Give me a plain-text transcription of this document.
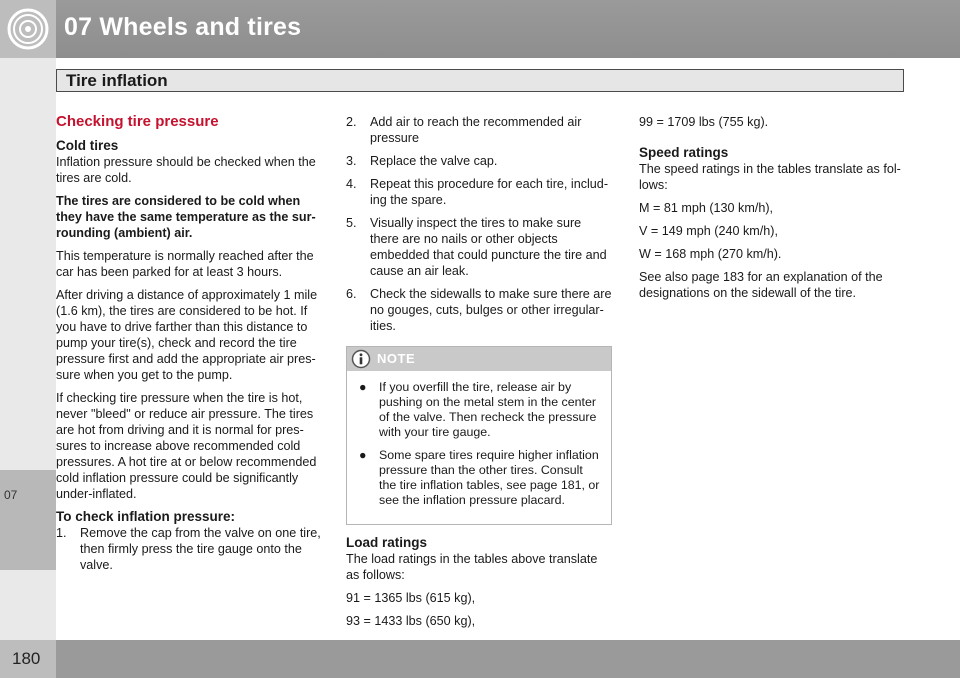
07 Wheels and tires
Tire inflation
07
Checking tire pressure
Cold tires

Inflation pressure should be checked when the tires are cold.

The tires are considered to be cold when they have the same temperature as the sur-rounding (ambient) air.

This temperature is normally reached after the car has been parked for at least 3 hours.

After driving a distance of approximately 1 mile (1.6 km), the tires are considered to be hot. If you have to drive farther than this distance to pump your tire(s), check and record the tire pressure first and add the appropriate air pres-sure when you get to the pump.

If checking tire pressure when the tire is hot, never "bleed" or reduce air pressure. The tires are hot from driving and it is normal for pres-sures to increase above recommended cold pressures. A hot tire at or below recommended cold inflation pressure could be significantly under-inflated.

To check inflation pressure:
1. Remove the cap from the valve on one tire, then firmly press the tire gauge onto the valve.
2. Add air to reach the recommended air pressure
3. Replace the valve cap.
4. Repeat this procedure for each tire, includ-ing the spare.
5. Visually inspect the tires to make sure there are no nails or other objects embedded that could puncture the tire and cause an air leak.
6. Check the sidewalls to make sure there are no gouges, cuts, bulges or other irregular-ities.
NOTE
● If you overfill the tire, release air by pushing on the metal stem in the center of the valve. Then recheck the pressure with your tire gauge.
● Some spare tires require higher inflation pressure than the other tires. Consult the tire inflation tables, see page 181, or see the inflation pressure placard.
Load ratings

The load ratings in the tables above translate as follows:

91 = 1365 lbs (615 kg),

93 = 1433 lbs (650 kg),

99 = 1709 lbs (755 kg).

Speed ratings

The speed ratings in the tables translate as fol-lows:

M = 81 mph (130 km/h),

V = 149 mph (240 km/h),

W = 168 mph (270 km/h).

See also page 183 for an explanation of the designations on the sidewall of the tire.

180
